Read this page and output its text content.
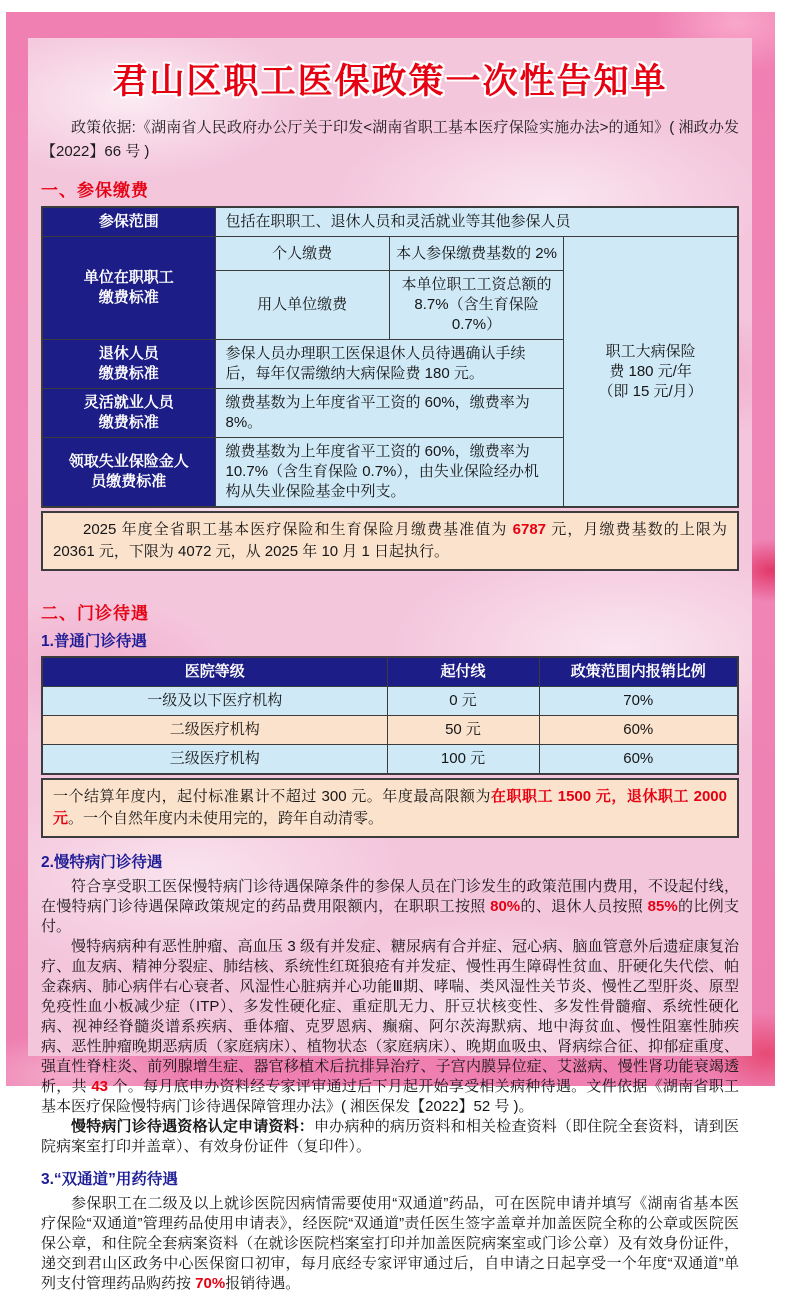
君山区职工医保政策一次性告知单

政策依据:《湖南省人民政府办公厅关于印发<湖南省职工基本医疗保险实施办法>的通知》( 湘政办发【2022】66 号 )

一、参保缴费
参保范围	包括在职职工、退休人员和灵活就业等其他参保人员		
单位在职职工
缴费标准	个人缴费	本人参保缴费基数的 2%	职工大病保险
费 180 元/年
（即 15 元/月）
	用人单位缴费	本单位职工工资总额的 8.7%（含生育保险 0.7%）	
退休人员
缴费标准	参保人员办理职工医保退休人员待遇确认手续后，每年仅需缴纳大病保险费 180 元。		
灵活就业人员
缴费标准	缴费基数为上年度省平工资的 60%，缴费率为 8%。		
领取失业保险金人
员缴费标准	缴费基数为上年度省平工资的 60%，缴费率为 10.7%（含生育保险 0.7%），由失业保险经办机构从失业保险基金中列支。		
2025 年度全省职工基本医疗保险和生育保险月缴费基准值为 6787 元，月缴费基数的上限为 20361 元，下限为 4072 元，从 2025 年 10 月 1 日起执行。
二、门诊待遇
1.普通门诊待遇
医院等级	起付线	政策范围内报销比例
一级及以下医疗机构	0 元	70%
二级医疗机构	50 元	60%
三级医疗机构	100 元	60%
一个结算年度内，起付标准累计不超过 300 元。年度最高限额为在职职工 1500 元，退休职工 2000 元。一个自然年度内未使用完的，跨年自动清零。
2.慢特病门诊待遇

符合享受职工医保慢特病门诊待遇保障条件的参保人员在门诊发生的政策范围内费用，不设起付线，在慢特病门诊待遇保障政策规定的药品费用限额内，在职职工按照 80%的、退休人员按照 85%的比例支付。

慢特病病种有恶性肿瘤、高血压 3 级有并发症、糖尿病有合并症、冠心病、脑血管意外后遗症康复治疗、血友病、精神分裂症、肺结核、系统性红斑狼疮有并发症、慢性再生障碍性贫血、肝硬化失代偿、帕金森病、肺心病伴右心衰者、风湿性心脏病并心功能Ⅲ期、哮喘、类风湿性关节炎、慢性乙型肝炎、原型免疫性血小板减少症（ITP）、多发性硬化症、重症肌无力、肝豆状核变性、多发性骨髓瘤、系统性硬化病、视神经脊髓炎谱系疾病、垂体瘤、克罗恩病、癫痫、阿尔茨海默病、地中海贫血、慢性阻塞性肺疾病、恶性肿瘤晚期恶病质（家庭病床）、植物状态（家庭病床）、晚期血吸虫、肾病综合征、抑郁症重度、强直性脊柱炎、前列腺增生症、器官移植术后抗排异治疗、子宫内膜异位症、艾滋病、慢性肾功能衰竭透析，共 43 个。每月底申办资料经专家评审通过后下月起开始享受相关病种待遇。文件依据《湖南省职工基本医疗保险慢特病门诊待遇保障管理办法》( 湘医保发【2022】52 号 )。

慢特病门诊待遇资格认定申请资料：申办病种的病历资料和相关检查资料（即住院全套资料，请到医院病案室打印并盖章）、有效身份证件（复印件）。

3.“双通道”用药待遇

参保职工在二级及以上就诊医院因病情需要使用“双通道”药品，可在医院申请并填写《湖南省基本医疗保险“双通道”管理药品使用申请表》，经医院“双通道”责任医生签字盖章并加盖医院全称的公章或医院医保公章，和住院全套病案资料（在就诊医院档案室打印并加盖医院病案室或门诊公章）及有效身份证件，递交到君山区政务中心医保窗口初审，每月底经专家评审通过后，自申请之日起享受一个年度“双通道”单列支付管理药品购药按 70%报销待遇。
